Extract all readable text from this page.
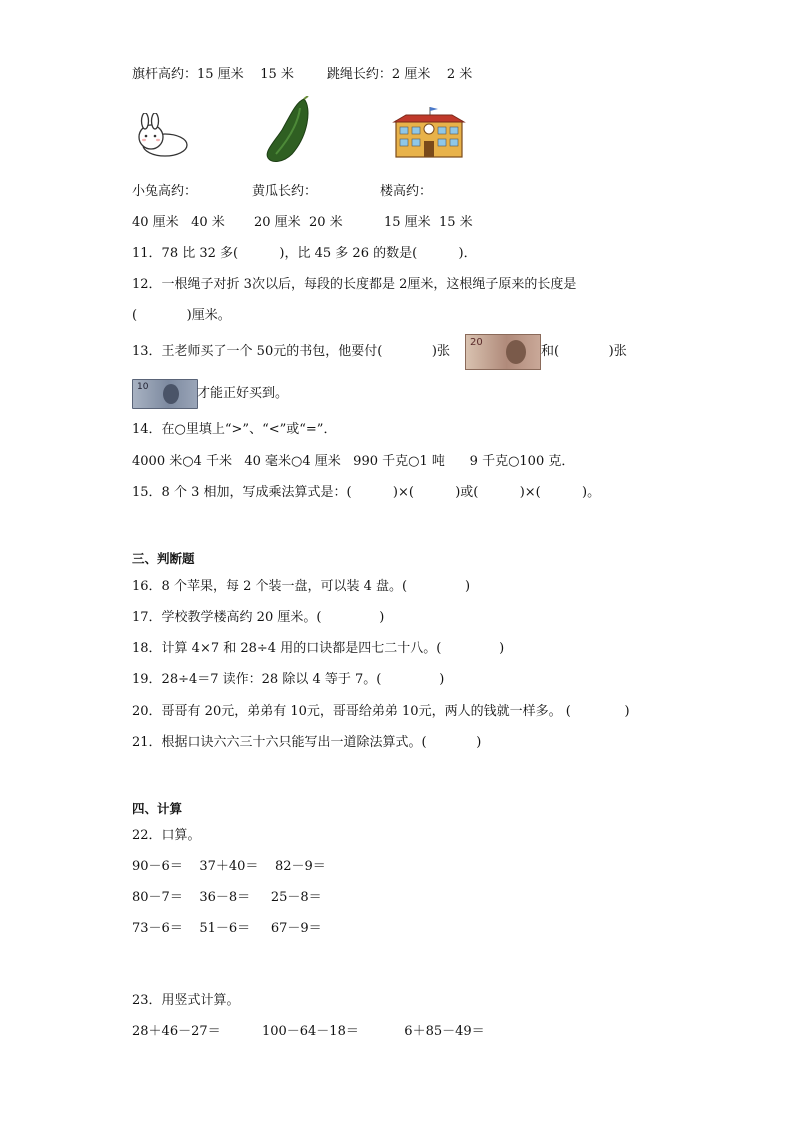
旗杆高约：15 厘米    15 米        跳绳长约：2 厘米    2 米
小兔高约：	黄瓜长约：	楼高约：
40 厘米   40 米 20 厘米  20 米	15 厘米  15 米
11．78 比 32 多(          )，比 45 多 26 的数是(          )．
12．一根绳子对折 3次以后，每段的长度都是 2厘米，这根绳子原来的长度是
(            )厘米。
13．王老师买了一个 50元的书包，他要付(            )张
20
和(            )张
10	才能正好买到。
14．在○里填上“>”、“<”或“=”．
4000 米○4 千米   40 毫米○4 厘米   990 千克○1 吨      9 千克○100 克．
15．8 个 3 相加，写成乘法算式是：(          )×(          )或(          )×(          )。
三、判断题
16．8 个苹果，每 2 个装一盘，可以装 4 盘。(              )
17．学校教学楼高约 20 厘米。(              )
18．计算 4×7 和 28÷4 用的口诀都是四七二十八。(              )
19．28÷4＝7 读作：28 除以 4 等于 7。(              )
20．哥哥有 20元，弟弟有 10元，哥哥给弟弟 10元，两人的钱就一样多。 (             )
21．根据口诀六六三十六只能写出一道除法算式。(            )
四、计算
22．口算。
90－6＝    37＋40＝    82－9＝
80－7＝    36－8＝     25－8＝
73－6＝    51－6＝     67－9＝
23．用竖式计算。
28＋46－27＝          100－64－18＝           6＋85－49＝
